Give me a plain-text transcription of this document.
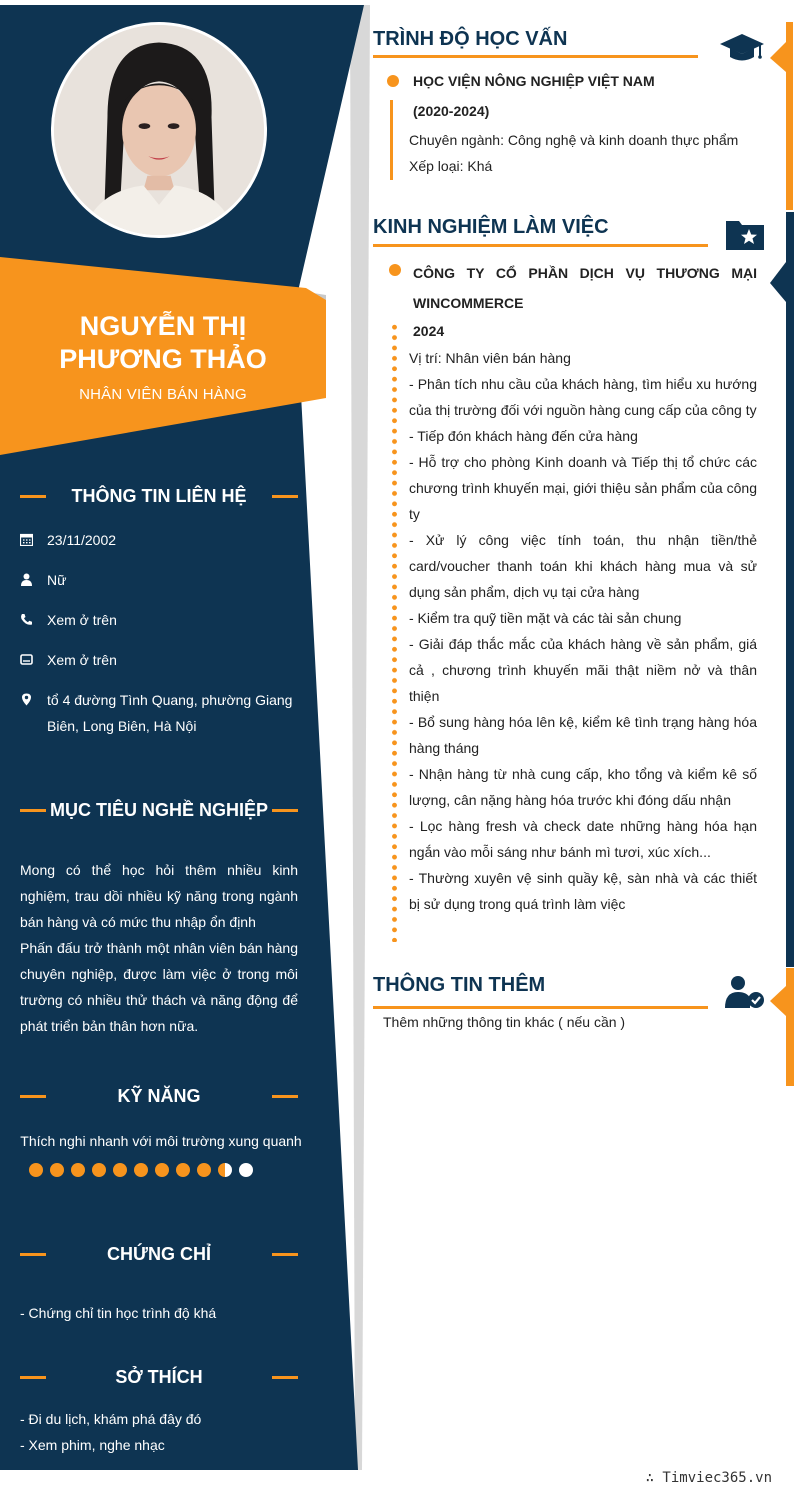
NGUYỄN THỊ PHƯƠNG THẢO
NHÂN VIÊN BÁN HÀNG
THÔNG TIN LIÊN HỆ
23/11/2002
Nữ
Xem ở trên
Xem ở trên
tổ 4 đường Tình Quang, phường Giang Biên, Long Biên, Hà Nội
MỤC TIÊU NGHỀ NGHIỆP
Mong có thể học hỏi thêm nhiều kinh nghiệm, trau dồi nhiều kỹ năng trong ngành bán hàng và có mức thu nhập ổn định
Phấn đấu trở thành một nhân viên bán hàng chuyên nghiệp, được làm việc ở trong môi trường có nhiều thử thách và năng động để phát triển bản thân hơn nữa.
KỸ NĂNG
Thích nghi nhanh với môi trường xung quanh
CHỨNG CHỈ
- Chứng chỉ tin học trình độ khá
SỞ THÍCH
- Đi du lịch, khám phá đây đó
- Xem phim, nghe nhạc
TRÌNH ĐỘ HỌC VẤN
HỌC VIỆN NÔNG NGHIỆP VIỆT NAM
(2020-2024)
Chuyên ngành: Công nghệ và kinh doanh thực phẩm
Xếp loại: Khá
KINH NGHIỆM LÀM VIỆC
CÔNG TY CỔ PHẦN DỊCH VỤ THƯƠNG MẠI
WINCOMMERCE
2024
Vị trí: Nhân viên bán hàng
- Phân tích nhu cầu của khách hàng, tìm hiểu xu hướng của thị trường đối với nguồn hàng cung cấp của công ty
- Tiếp đón khách hàng đến cửa hàng
- Hỗ trợ cho phòng Kinh doanh và Tiếp thị tổ chức các chương trình khuyến mại, giới thiệu sản phẩm của công ty
- Xử lý công việc tính toán, thu nhận tiền/thẻ card/voucher thanh toán khi khách hàng mua và sử dụng sản phẩm, dịch vụ tại cửa hàng
- Kiểm tra quỹ tiền mặt và các tài sản chung
- Giải đáp thắc mắc của khách hàng về sản phẩm, giá cả , chương trình khuyến mãi thật niềm nở và thân thiện
- Bổ sung hàng hóa lên kệ, kiểm kê tình trạng hàng hóa hàng tháng
- Nhận hàng từ nhà cung cấp, kho tổng và kiểm kê số lượng, cân nặng hàng hóa trước khi đóng dấu nhận
- Lọc hàng fresh và check date những hàng hóa hạn ngắn vào mỗi sáng như bánh mì tươi, xúc xích...
- Thường xuyên vệ sinh quầy kệ, sàn nhà và các thiết bị sử dụng trong quá trình làm việc
THÔNG TIN THÊM
Thêm những thông tin khác ( nếu cần )
∴ Timviec365.vn
